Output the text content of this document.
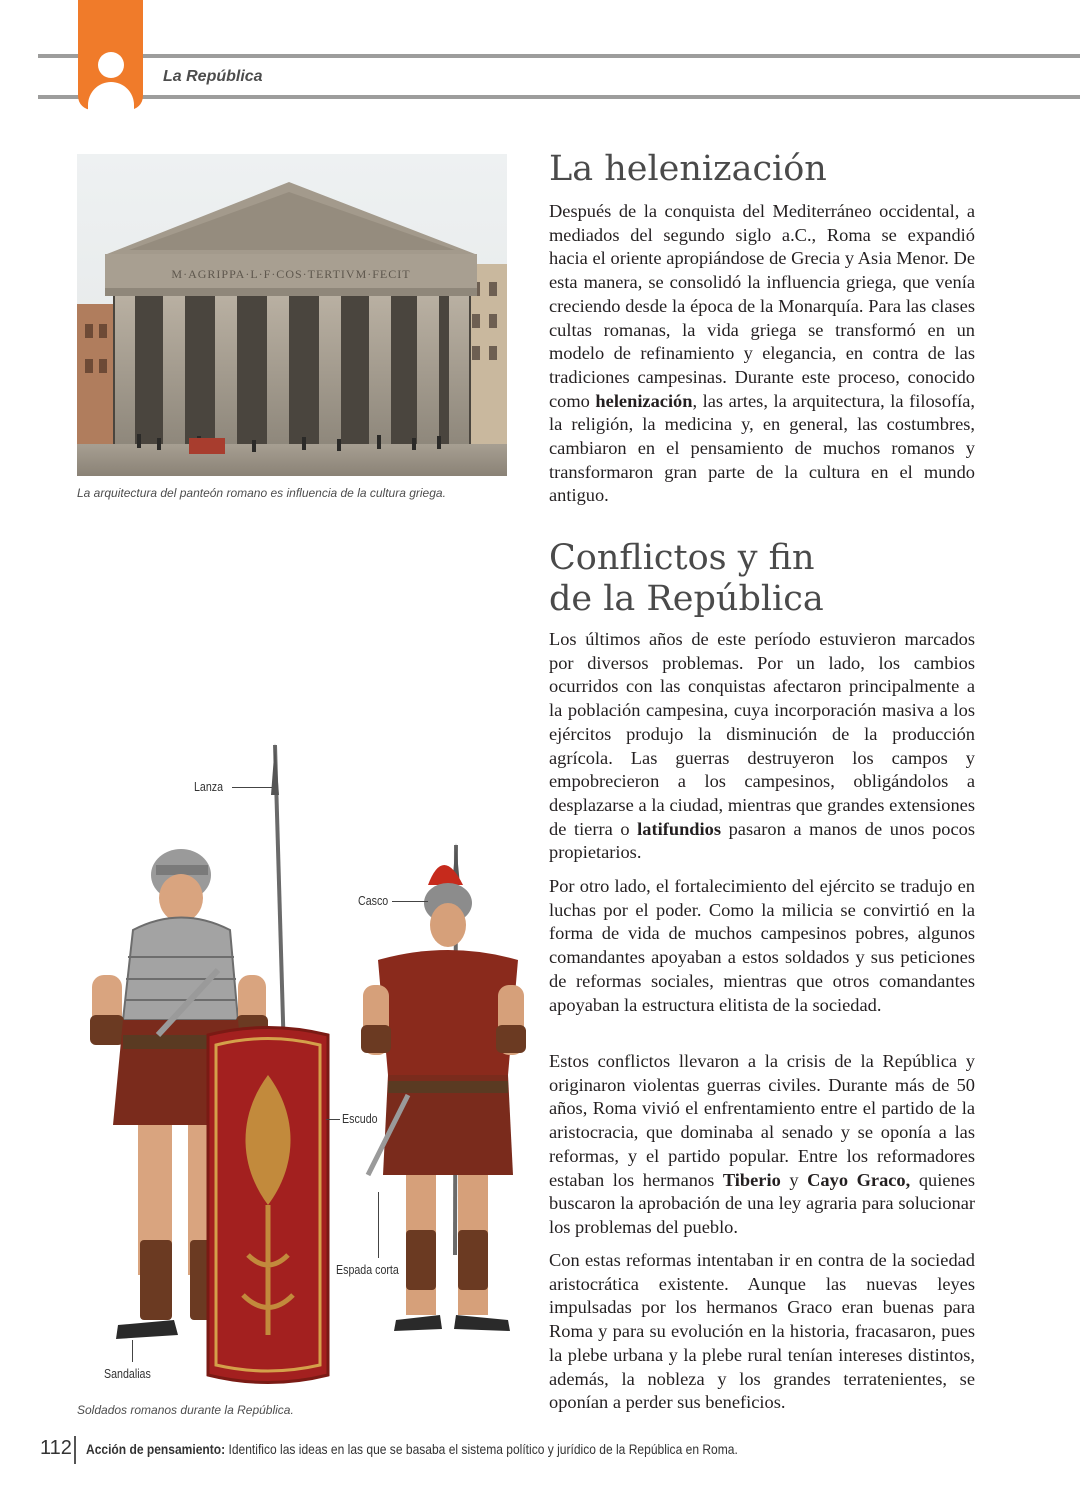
La República
M·AGRIPPA·L·F·COS·TERTIVM·FECIT
La arquitectura del panteón romano es influencia de la cultura griega.
Lanza
Casco
Escudo
Espada corta
Sandalias
Soldados romanos durante la República.
La helenización

Después de la conquista del Mediterráneo occidental, a mediados del segundo siglo a.C., Roma se expandió hacia el oriente apropiándose de Grecia y Asia Menor. De esta manera, se consolidó la influencia griega, que venía creciendo desde la época de la Monarquía. Para las clases cultas romanas, la vida griega se transformó en un modelo de refinamiento y elegancia, en contra de las tradiciones campesinas. Durante este proceso, conocido como helenización, las artes, la arquitectura, la filosofía, la religión, la medicina y, en general, las costumbres, cambiaron en el pensamiento de muchos romanos y transformaron gran parte de la cultura en el mundo antiguo.

Conflictos y fin
de la República

Los últimos años de este período estuvieron marcados por diversos problemas. Por un lado, los cambios ocurridos con las conquistas afectaron principalmente a la población campesina, cuya incorporación masiva a los ejércitos produjo la disminución de la producción agrícola. Las guerras destruyeron los campos y empobrecieron a los campesinos, obligándolos a desplazarse a la ciudad, mientras que grandes extensiones de tierra o latifundios pasaron a manos de unos pocos propietarios.

Por otro lado, el fortalecimiento del ejército se tradujo en luchas por el poder. Como la milicia se convirtió en la forma de vida de muchos campesinos pobres, algunos comandantes apoyaban a estos soldados y sus peticiones de reformas sociales, mientras que otros comandantes apoyaban la estructura elitista de la sociedad.

Estos conflictos llevaron a la crisis de la República y originaron violentas guerras civiles. Durante más de 50 años, Roma vivió el enfrentamiento entre el partido de la aristocracia, que dominaba al senado y se oponía a las reformas, y el partido popular. Entre los reformadores estaban los hermanos Tiberio y Cayo Graco, quienes buscaron la aprobación de una ley agraria para solucionar los problemas del pueblo.

Con estas reformas intentaban ir en contra de la sociedad aristocrática existente. Aunque las nuevas leyes impulsadas por los hermanos Graco eran buenas para Roma y para su evolución en la historia, fracasaron, pues la plebe urbana y la plebe rural tenían intereses distintos, además, la nobleza y los grandes terratenientes, se oponían a perder sus beneficios.

112 Acción de pensamiento: Identifico las ideas en las que se basaba el sistema político y jurídico de la República en Roma.
